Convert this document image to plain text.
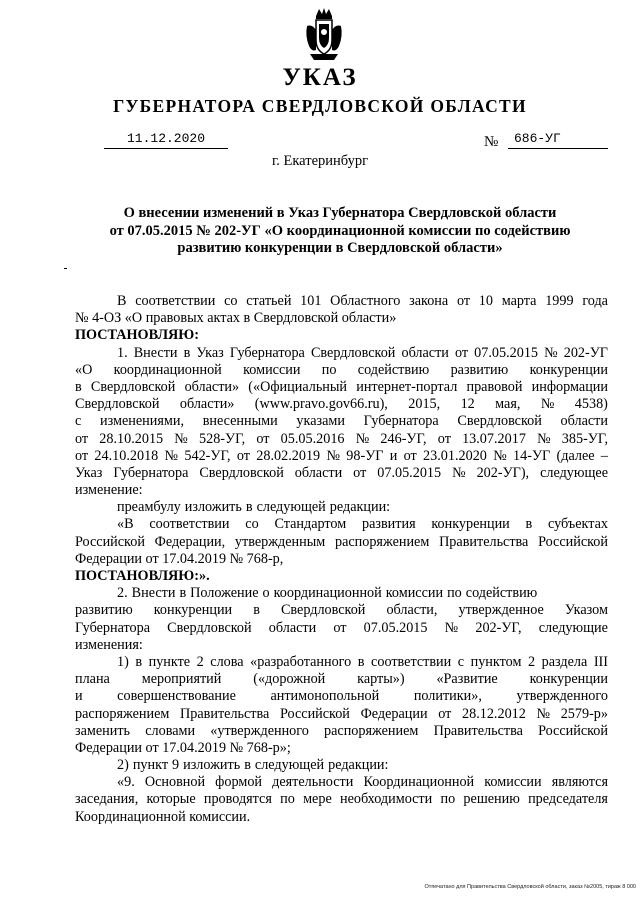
УКАЗ
ГУБЕРНАТОРА СВЕРДЛОВСКОЙ ОБЛАСТИ
11.12.2020	№	686-УГ
г. Екатеринбург
О внесении изменений в Указ Губернатора Свердловской области
от 07.05.2015 № 202-УГ «О координационной комиссии по содействию
развитию конкуренции в Свердловской области»
В соответствии со статьей 101 Областного закона от 10 марта 1999 года
№ 4-ОЗ «О правовых актах в Свердловской области»
ПОСТАНОВЛЯЮ:
1. Внести в Указ Губернатора Свердловской области от 07.05.2015 № 202-УГ
«О координационной комиссии по содействию развитию конкуренции
в Свердловской области» («Официальный интернет-портал правовой информации
Свердловской области» (www.pravo.gov66.ru), 2015, 12 мая, № 4538)
с изменениями, внесенными указами Губернатора Свердловской области
от 28.10.2015 № 528-УГ, от 05.05.2016 № 246-УГ, от 13.07.2017 № 385-УГ,
от 24.10.2018 № 542-УГ, от 28.02.2019 № 98-УГ и от 23.01.2020 № 14-УГ (далее –
Указ Губернатора Свердловской области от 07.05.2015 № 202-УГ), следующее
изменение:
преамбулу изложить в следующей редакции:
«В соответствии со Стандартом развития конкуренции в субъектах
Российской Федерации, утвержденным распоряжением Правительства Российской
Федерации от 17.04.2019 № 768-р,
ПОСТАНОВЛЯЮ:».
2. Внести в Положение о координационной комиссии по содействию
развитию конкуренции в Свердловской области, утвержденное Указом
Губернатора Свердловской области от 07.05.2015 № 202-УГ, следующие
изменения:
1) в пункте 2 слова «разработанного в соответствии с пунктом 2 раздела III
плана мероприятий («дорожной карты») «Развитие конкуренции
и совершенствование антимонопольной политики», утвержденного
распоряжением Правительства Российской Федерации от 28.12.2012 № 2579-р»
заменить словами «утвержденного распоряжением Правительства Российской
Федерации от 17.04.2019 № 768-р»;
2) пункт 9 изложить в следующей редакции:
«9. Основной формой деятельности Координационной комиссии являются
заседания, которые проводятся по мере необходимости по решению председателя
Координационной комиссии.
Отпечатано для Правительства Свердловской области, заказ №2005, тираж 8 000
